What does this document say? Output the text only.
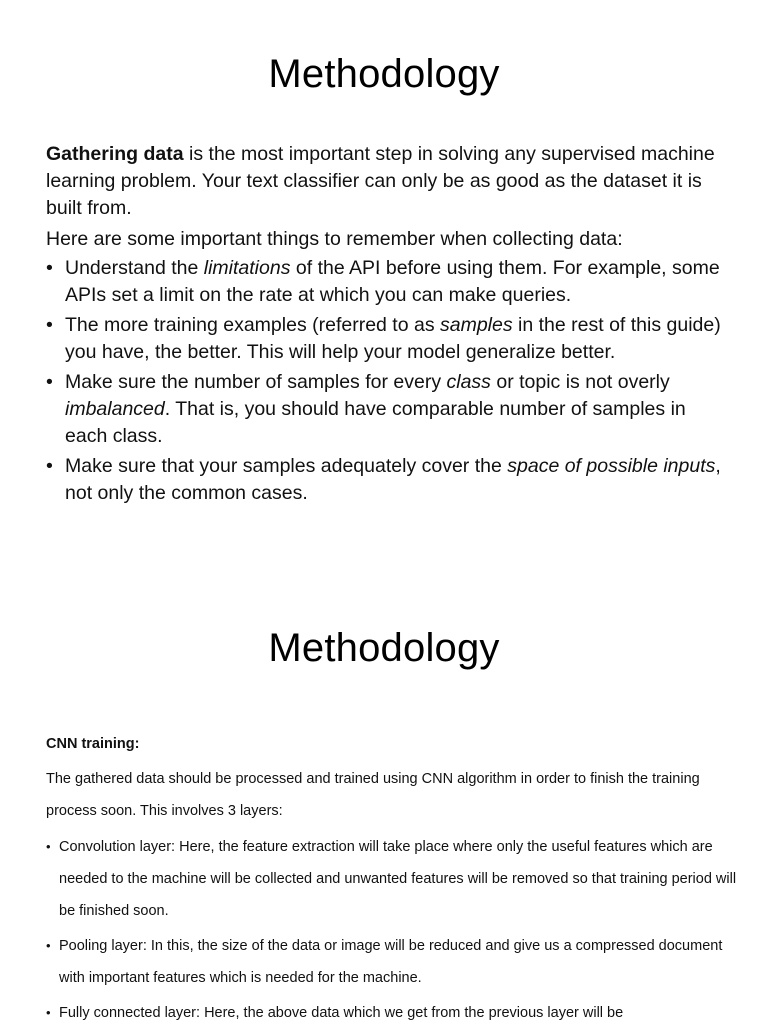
Methodology

Gathering data is the most important step in solving any supervised machine learning problem. Your text classifier can only be as good as the dataset it is built from.

Here are some important things to remember when collecting data:

• Understand the limitations of the API before using them. For example, some APIs set a limit on the rate at which you can make queries.
• The more training examples (referred to as samples in the rest of this guide) you have, the better. This will help your model generalize better.
• Make sure the number of samples for every class or topic is not overly imbalanced. That is, you should have comparable number of samples in each class.
• Make sure that your samples adequately cover the space of possible inputs, not only the common cases.
Methodology

CNN training:

The gathered data should be processed and trained using CNN algorithm in order to finish the training process soon. This involves 3 layers:

• Convolution layer: Here, the feature extraction will take place where only the useful features which are needed to the machine will be collected and unwanted features will be removed so that training period will be finished soon.
• Pooling layer: In this, the size of the data or image will be reduced and give us a compressed document with important features which is needed for the machine.
• Fully connected layer: Here, the above data which we get from the previous layer will be
